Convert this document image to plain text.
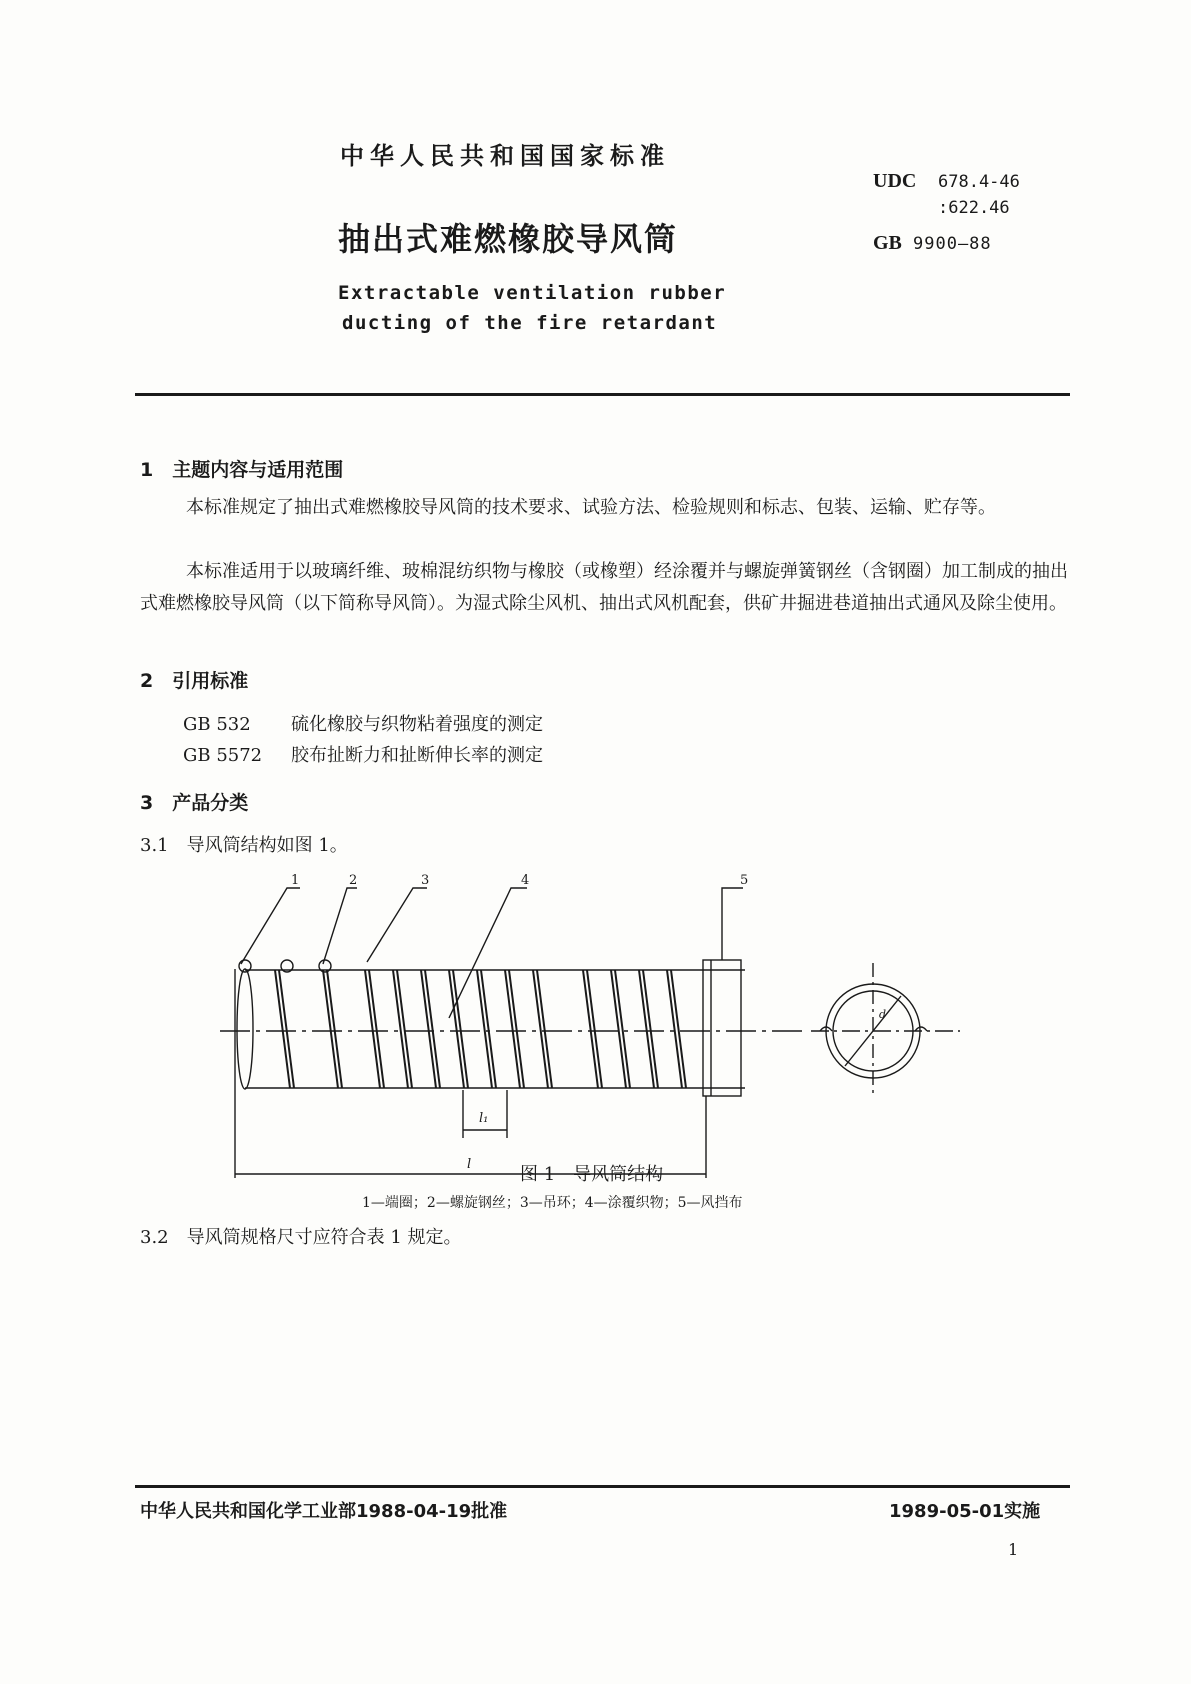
中华人民共和国国家标准
UDC 678.4-46
:622.46
GB 9900—88
抽出式难燃橡胶导风筒
Extractable ventilation rubber
ducting of the fire retardant
1　主题内容与适用范围
本标准规定了抽出式难燃橡胶导风筒的技术要求、试验方法、检验规则和标志、包装、运输、贮存等。
本标准适用于以玻璃纤维、玻棉混纺织物与橡胶（或橡塑）经涂覆并与螺旋弹簧钢丝（含钢圈）加工制成的抽出式难燃橡胶导风筒（以下简称导风筒）。为湿式除尘风机、抽出式风机配套，供矿井掘进巷道抽出式通风及除尘使用。
2　引用标准
GB 532 硫化橡胶与织物粘着强度的测定
GB 5572 胶布扯断力和扯断伸长率的测定
3　产品分类
3.1　导风筒结构如图 1。
1	2	3	4	5
l₁
l
d
图 1　导风筒结构
1—端圈；2—螺旋钢丝；3—吊环；4—涂覆织物；5—风挡布
3.2　导风筒规格尺寸应符合表 1 规定。
中华人民共和国化学工业部1988-04-19批准	1989-05-01实施
1
